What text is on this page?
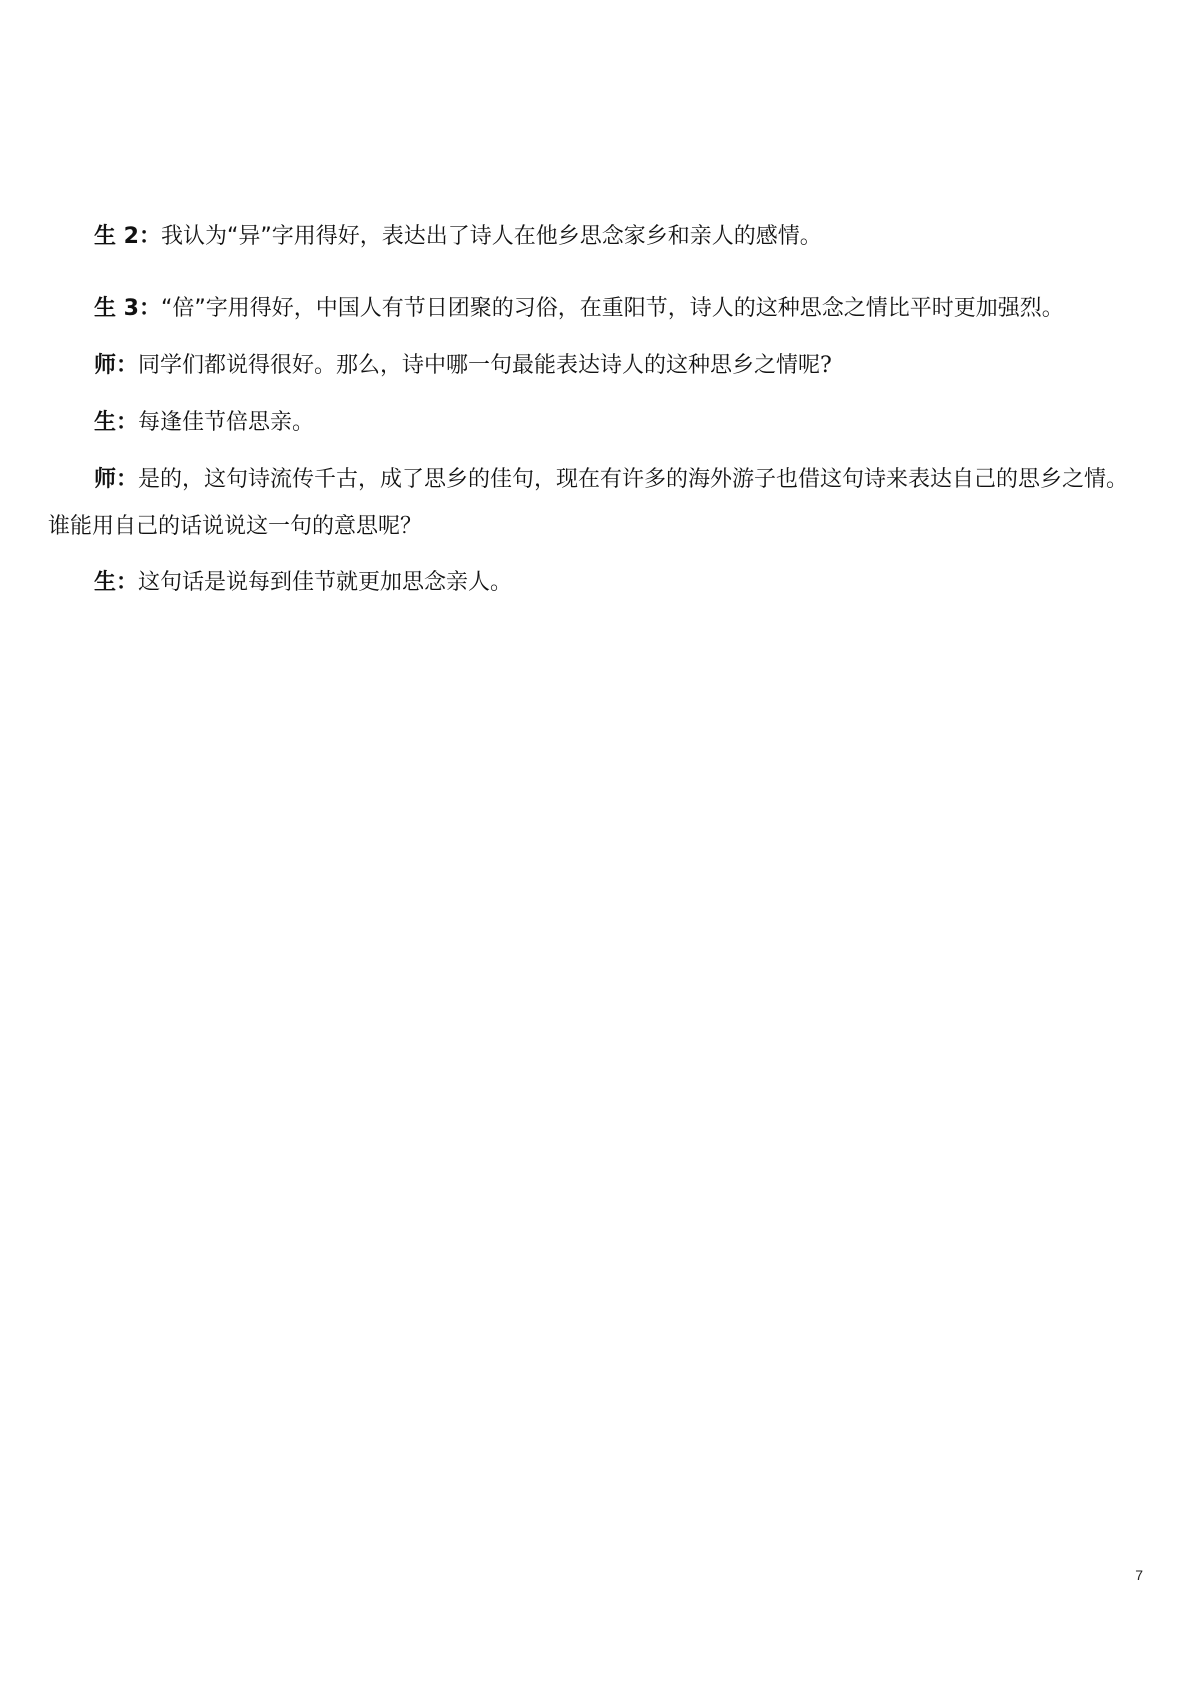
生 2：我认为“异”字用得好，表达出了诗人在他乡思念家乡和亲人的感情。

生 3：“倍”字用得好，中国人有节日团聚的习俗，在重阳节，诗人的这种思念之情比平时更加强烈。

师：同学们都说得很好。那么，诗中哪一句最能表达诗人的这种思乡之情呢?

生：每逢佳节倍思亲。

师：是的，这句诗流传千古，成了思乡的佳句，现在有许多的海外游子也借这句诗来表达自己的思乡之情。谁能用自己的话说说这一句的意思呢？

生：这句话是说每到佳节就更加思念亲人。

7
